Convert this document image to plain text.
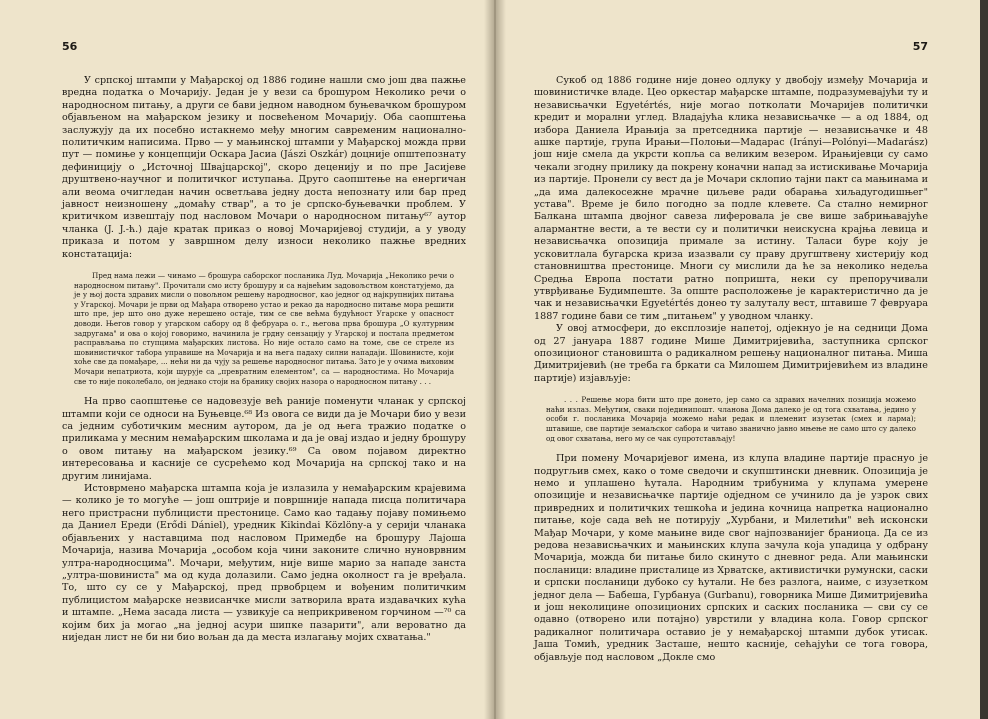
56

У српској штампи у Мађарској од 1886 године нашли смо још два пажње вредна податка о Мочарију. Један је у вези са брошуром Неколико речи о народносном питању, а други се бави једном наводном буњевачком брошуром објављеном на мађарском језику и посвећеном Мочарију. Оба саопштења заслужују да их посебно истакнемо међу многим савременим национално-политичким написима. Прво — у мањинској штампи у Мађарској можда први пут — помиње у концепцији Оскара Јасиа (Jászi Oszkár) доцније општепознату дефиницију о „Источној Швајцарској", скоро деценију и по пре Јасијеве друштвено-научног и политичког иступања. Друго саопштење на енергичан али веома очигледан начин осветљава једну доста непознату или бар пред јавност неизношену „домаћу ствар", а то је српско-буњевачки проблем. У критичком извештају под насловом Мочари о народносном питању⁶⁷ аутор чланка (J. J.-ћ.) даје кратак приказ о новој Мочаријевој студији, а у уводу приказа и потом у завршном делу износи неколико пажње вредних констатација:

Пред нама лежи — чинамо — брошура саборског посланика Луд. Мочарија „Неколико речи о народносном питању". Прочитали смо исту брошуру и са највећим задовољством констатујемо, да је у њој доста здравих мисли о повољном решењу народносног, као једног од најкрупнијих питања у Угарској. Мочари је први од Мађара отворено устао и рекао да народносно питање мора решити што пре, јер што оно дуже нерешено остаје, тим се све већма будућност Угарске у опасност доводи. Његов говор у угарском сабору од 8 фебруара о. г., његова прва брошура „О културним задругама" и ова о којој говоримо, начинила је грдну сензацију у Угарској и постала предметом расправљања по ступцима мађарских листова. Но није остало само на томе, све се стреле из шовинистичког табора управише на Мочарија и на њега падаху силни нападаји. Шовинисте, који хоће све да помађаре, ... нећи ни да чују за решење народносног питања. Зато је у очима њиховим Мочари непатриота, који шурује са „превратним елементом", са — народностима. Но Мочарија све то није поколебало, он једнако стоји на бранику својих назора о народносном питању . . .

На прво саопштење се надовезује већ раније поменути чланак у српској штампи који се односи на Буњевце.⁶⁸ Из овога се види да је Мочари био у вези са једним суботичким месним аутором, да је од њега тражио податке о приликама у месним немађарским школама и да је овај издао и једну брошуру о овом питању на мађарском језику.⁶⁹ Са овом појавом директно интересовања и касније се сусрећемо код Мочарија на српској тако и на другим линијама.

Истоврмено мађарска штампа која је излазила у немађарским крајевима — колико је то могуће — још оштрије и површније напада писца политичара него пристрасни публицисти престонице. Само као тадању појаву помињемо да Даниел Ереди (Erődi Dániel), уредник Kikindai Közlöny-а у серији чланака објављених у наставцима под насловом Примедбе на брошуру Лајоша Мочарија, назива Мочарија „особом која чини законите слично нуноврвним ултра-народносцима". Мочари, међутим, није више марио за нападе занста „ултра-шовиниста" ма од куда долазили. Само једна околност га је вређала. То, што су се у Мађарској, пред првобрцем и вођеним политичким публицистом мађарске незвисанчке мисли затворила врата издавачких кућа и штампе. „Нема засада листа — узвикује са неприкривеном горчином —⁷⁰ са којим бих ја могао „на једној асури шипке пазарити", али вероватно да ниједан лист не би ни био вољан да да места излагању мојих схватања."

57

Сукоб од 1886 године није донео одлуку у двобоју између Мочарија и шовинистичке владе. Цео оркестар мађарске штампе, подразумевајући ту и независњачки Egyetértés, није могао потколати Мочаријев политички кредит и морални углед. Владајућа клика независњачке — а од 1884, од избора Даниела Ирањија за претседника партије — независњачке и 48 ашке партије, група Ирањи—Полоњи—Мадарас (Irányi—Polónyi—Madarász) још није смела да укрсти копља са великим везером. Ирањијевци су само чекали згодну прилику да покрену коначни напад за истискивање Мочарија из партије. Пронели су вест да је Мочари склопио тајни пакт са мањинама и „да има далекосежне мрачне циљеве ради обарања хиљадугодишњег" устава". Време је било погодно за подле клевете. Са стално немирног Балкана штампа двојног савеза лиферовала је све више забрињавајуће алармантне вести, а те вести су и политички неискусна крајња левица и независњачка опозиција примале за истину. Таласи буре коју је усковитлала бугарска криза изазвали су праву другштвену хистерију код становништва престонице. Многи су мислили да ће за неколико недеља Средња Европа постати ратно попришта, неки су препоручивали утврђивање Будимпеште. За опште расположење је карактеристично да је чак и независњачки Egyetértés донео ту залуталу вест, штавише 7 февруара 1887 године бави се тим „питањем" у уводном чланку.

У овој атмосфери, до експлозије напетој, одјекнуо је на седници Дома од 27 јануара 1887 године Мише Димитријевића, заступника српског опозиционог становишта о радикалном решењу националног питања. Миша Димитријевић (не треба га бркати са Милошем Димитријевићем из владине партије) изјављује:

. . . Решење мора бити што пре донето, јер само са здравих начелних позиција можемо наћи излаз. Међутим, сваки појединипошт. чланова Дома далеко је од тога схватања, једино у особи г. посланика Мочарија можемо наћи редак и племенит изузетак (смех и ларма); штавише, све партије земаљског сабора и читаво званично јавно мњење не само што су далеко од овог схватања, него му се чак супротстављају!

При помену Мочаријевог имена, из клупа владине партије праснуо је подругљив смех, како о томе сведочи и скупштински дневник. Опозиција је немо и уплашено ћутала. Народним трибунима у клупама умерене опозиције и независњачке партије одједном се учинило да је узрок свих привредних и политичких тешкоћа и једина кочница напретка национално питање, које сада већ не потирују „Хурбани, и Милетићи" већ исконски Мађар Мочари, у коме мањине виде свог најпозванијег браниоца. Да се из редова независњачких и мањинских клупа зачула која упадица у одбрану Мочарија, можда би питање било скинуто с дневног реда. Али мањински посланици: владине присталице из Хрватске, активистички румунски, саски и српски посланици дубоко су ћутали. Не без разлога, наиме, с изузетком једног дела — Бабеша, Гурбануа (Gurbanu), говорника Мише Димитријевића и још неколицине опозиционих српских и саских посланика — сви су се одавно (отворено или потајно) уврстили у владина кола. Говор српског радикалног политичара оставио је у немађарској штампи дубок утисак. Јаша Томић, уредник Засташе, нешто касније, сећајући се тога говора, објављује под насловом „Докле смо
